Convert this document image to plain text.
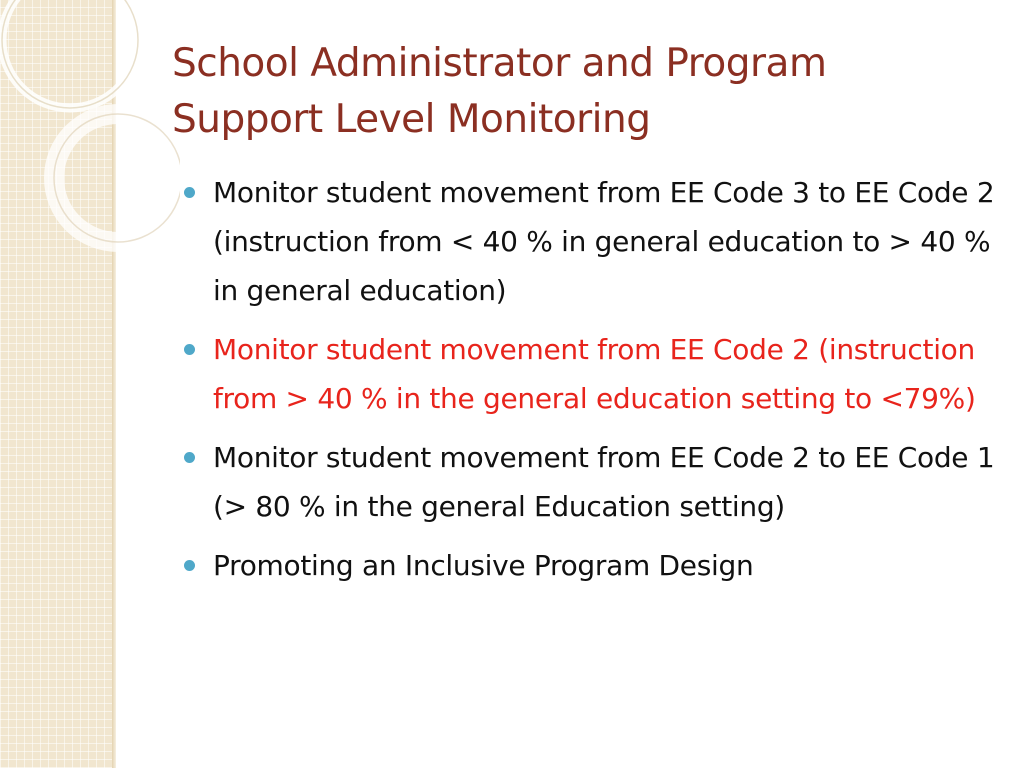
School Administrator and Program
Support Level Monitoring
Monitor student movement from EE Code 3 to EE Code 2 (instruction from < 40 % in general education to > 40 % in general education)
Monitor student movement from EE Code 2 (instruction from > 40 % in the general education setting to <79%)
Monitor student movement from EE Code 2 to EE Code 1 (> 80 % in the general Education setting)
Promoting an Inclusive Program Design
